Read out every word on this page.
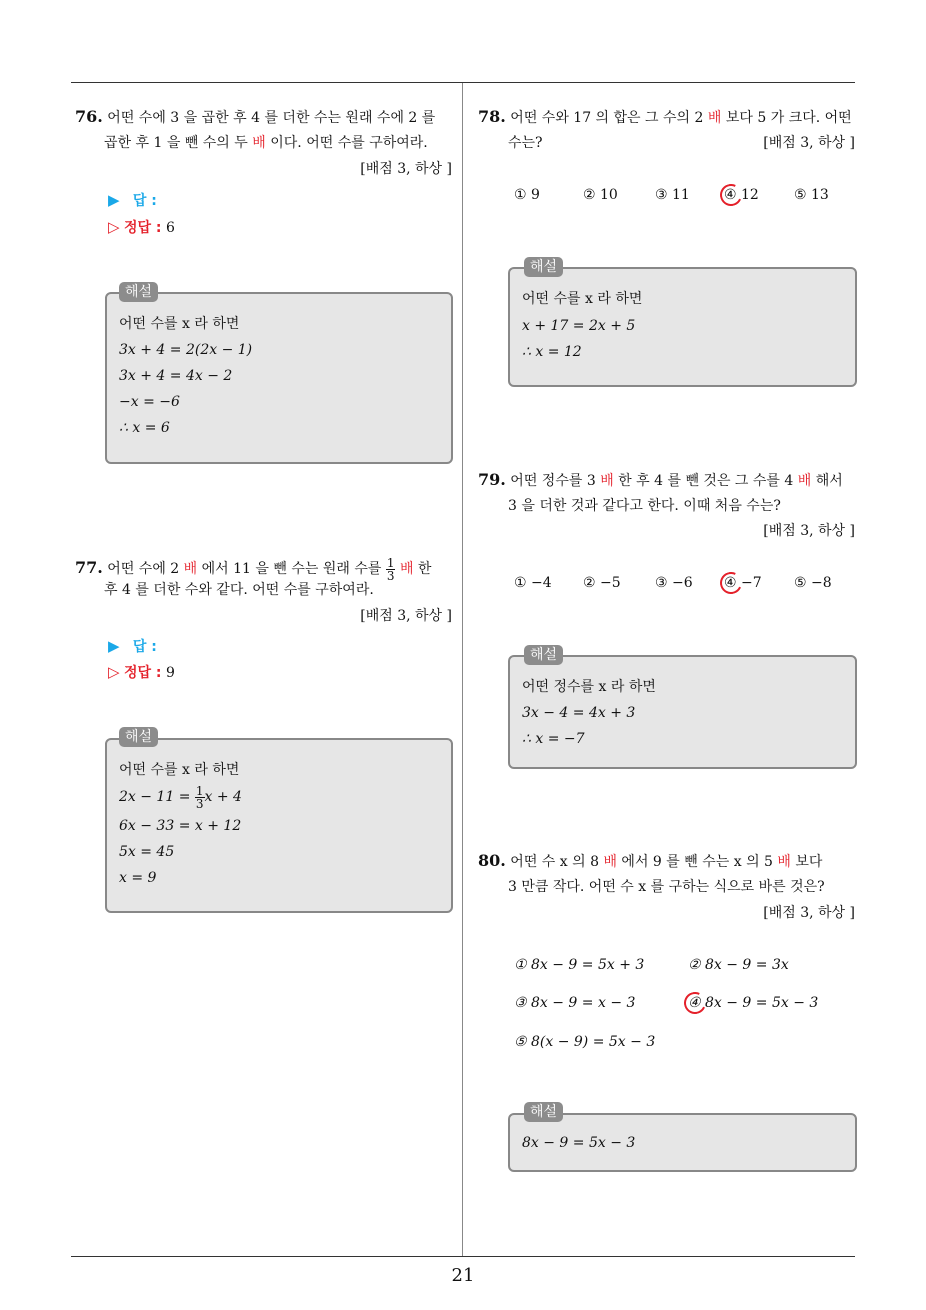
76. 어떤 수에 3 을 곱한 후 4 를 더한 수는 원래 수에 2 를
곱한 후 1 을 뺀 수의 두 배 이다. 어떤 수를 구하여라.
[배점 3, 하상 ]
▶ 답 :
▷ 정답 : 6
어떤 수를 x 라 하면
3x + 4 = 2(2x − 1)
3x + 4 = 4x − 2
−x = −6
∴ x = 6
해설
77. 어떤 수에 2 배 에서 11 을 뺀 수는 원래 수를 $\frac{1}{3}$ 배 한
후 4 를 더한 수와 같다. 어떤 수를 구하여라.
[배점 3, 하상 ]
▶ 답 :
▷ 정답 : 9
어떤 수를 x 라 하면
$2x - 11 = \frac{1}{3}$ x + 4
6x − 33 = x + 12
5x = 45
x = 9
해설
78. 어떤 수와 17 의 합은 그 수의 2 배 보다 5 가 크다. 어떤
수는?	[배점 3, 하상 ]
① 9	② 10	③ 11 ④ 12	⑤ 13
어떤 수를 x 라 하면
x + 17 = 2x + 5
∴ x = 12
해설
79. 어떤 정수를 3 배 한 후 4 를 뺀 것은 그 수를 4 배 해서
3 을 더한 것과 같다고 한다. 이때 처음 수는?
[배점 3, 하상 ]
① −4 ② −5 ③ −6 ④ −7 ⑤ −8
어떤 정수를 x 라 하면
3x − 4 = 4x + 3
∴ x = −7
해설
80. 어떤 수 x 의 8 배 에서 9 를 뺀 수는 x 의 5 배 보다
3 만큼 작다. 어떤 수 x 를 구하는 식으로 바른 것은?
[배점 3, 하상 ]
① 8x − 9 = 5x + 3	② 8x − 9 = 3x
③ 8x − 9 = x − 3	④ 8x − 9 = 5x − 3
⑤ 8(x − 9) = 5x − 3
8x − 9 = 5x − 3
해설
21
